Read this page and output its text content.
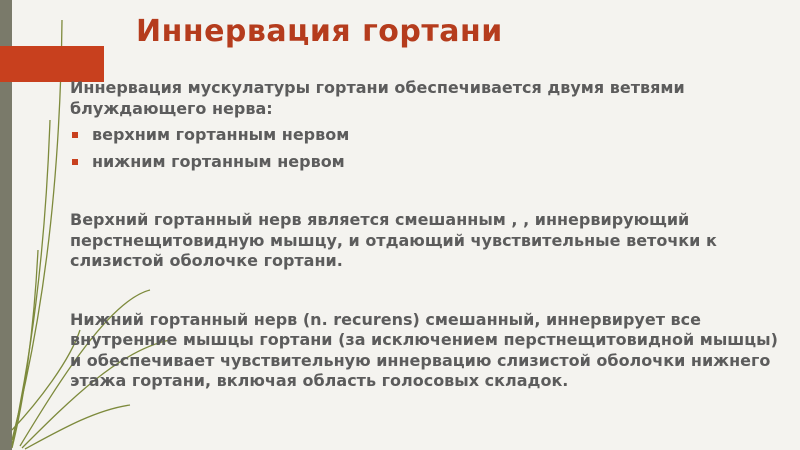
Иннервация гортани

Иннервация мускулатуры гортани обеспечивается двумя ветвями блуждающего нерва:

верхним гортанным нервом
нижним гортанным нервом

Верхний гортанный нерв является смешанным , , иннервирующий перстнещитовидную мышцу, и отдающий чувствительные веточки к слизистой оболочке гортани.

Нижний гортанный нерв (n. recurens) смешанный, иннервирует все внутренние мышцы гортани (за исключением перстнещитовидной мышцы) и обеспечивает чувствительную иннервацию слизистой оболочки нижнего этажа гортани, включая область голосовых складок.
